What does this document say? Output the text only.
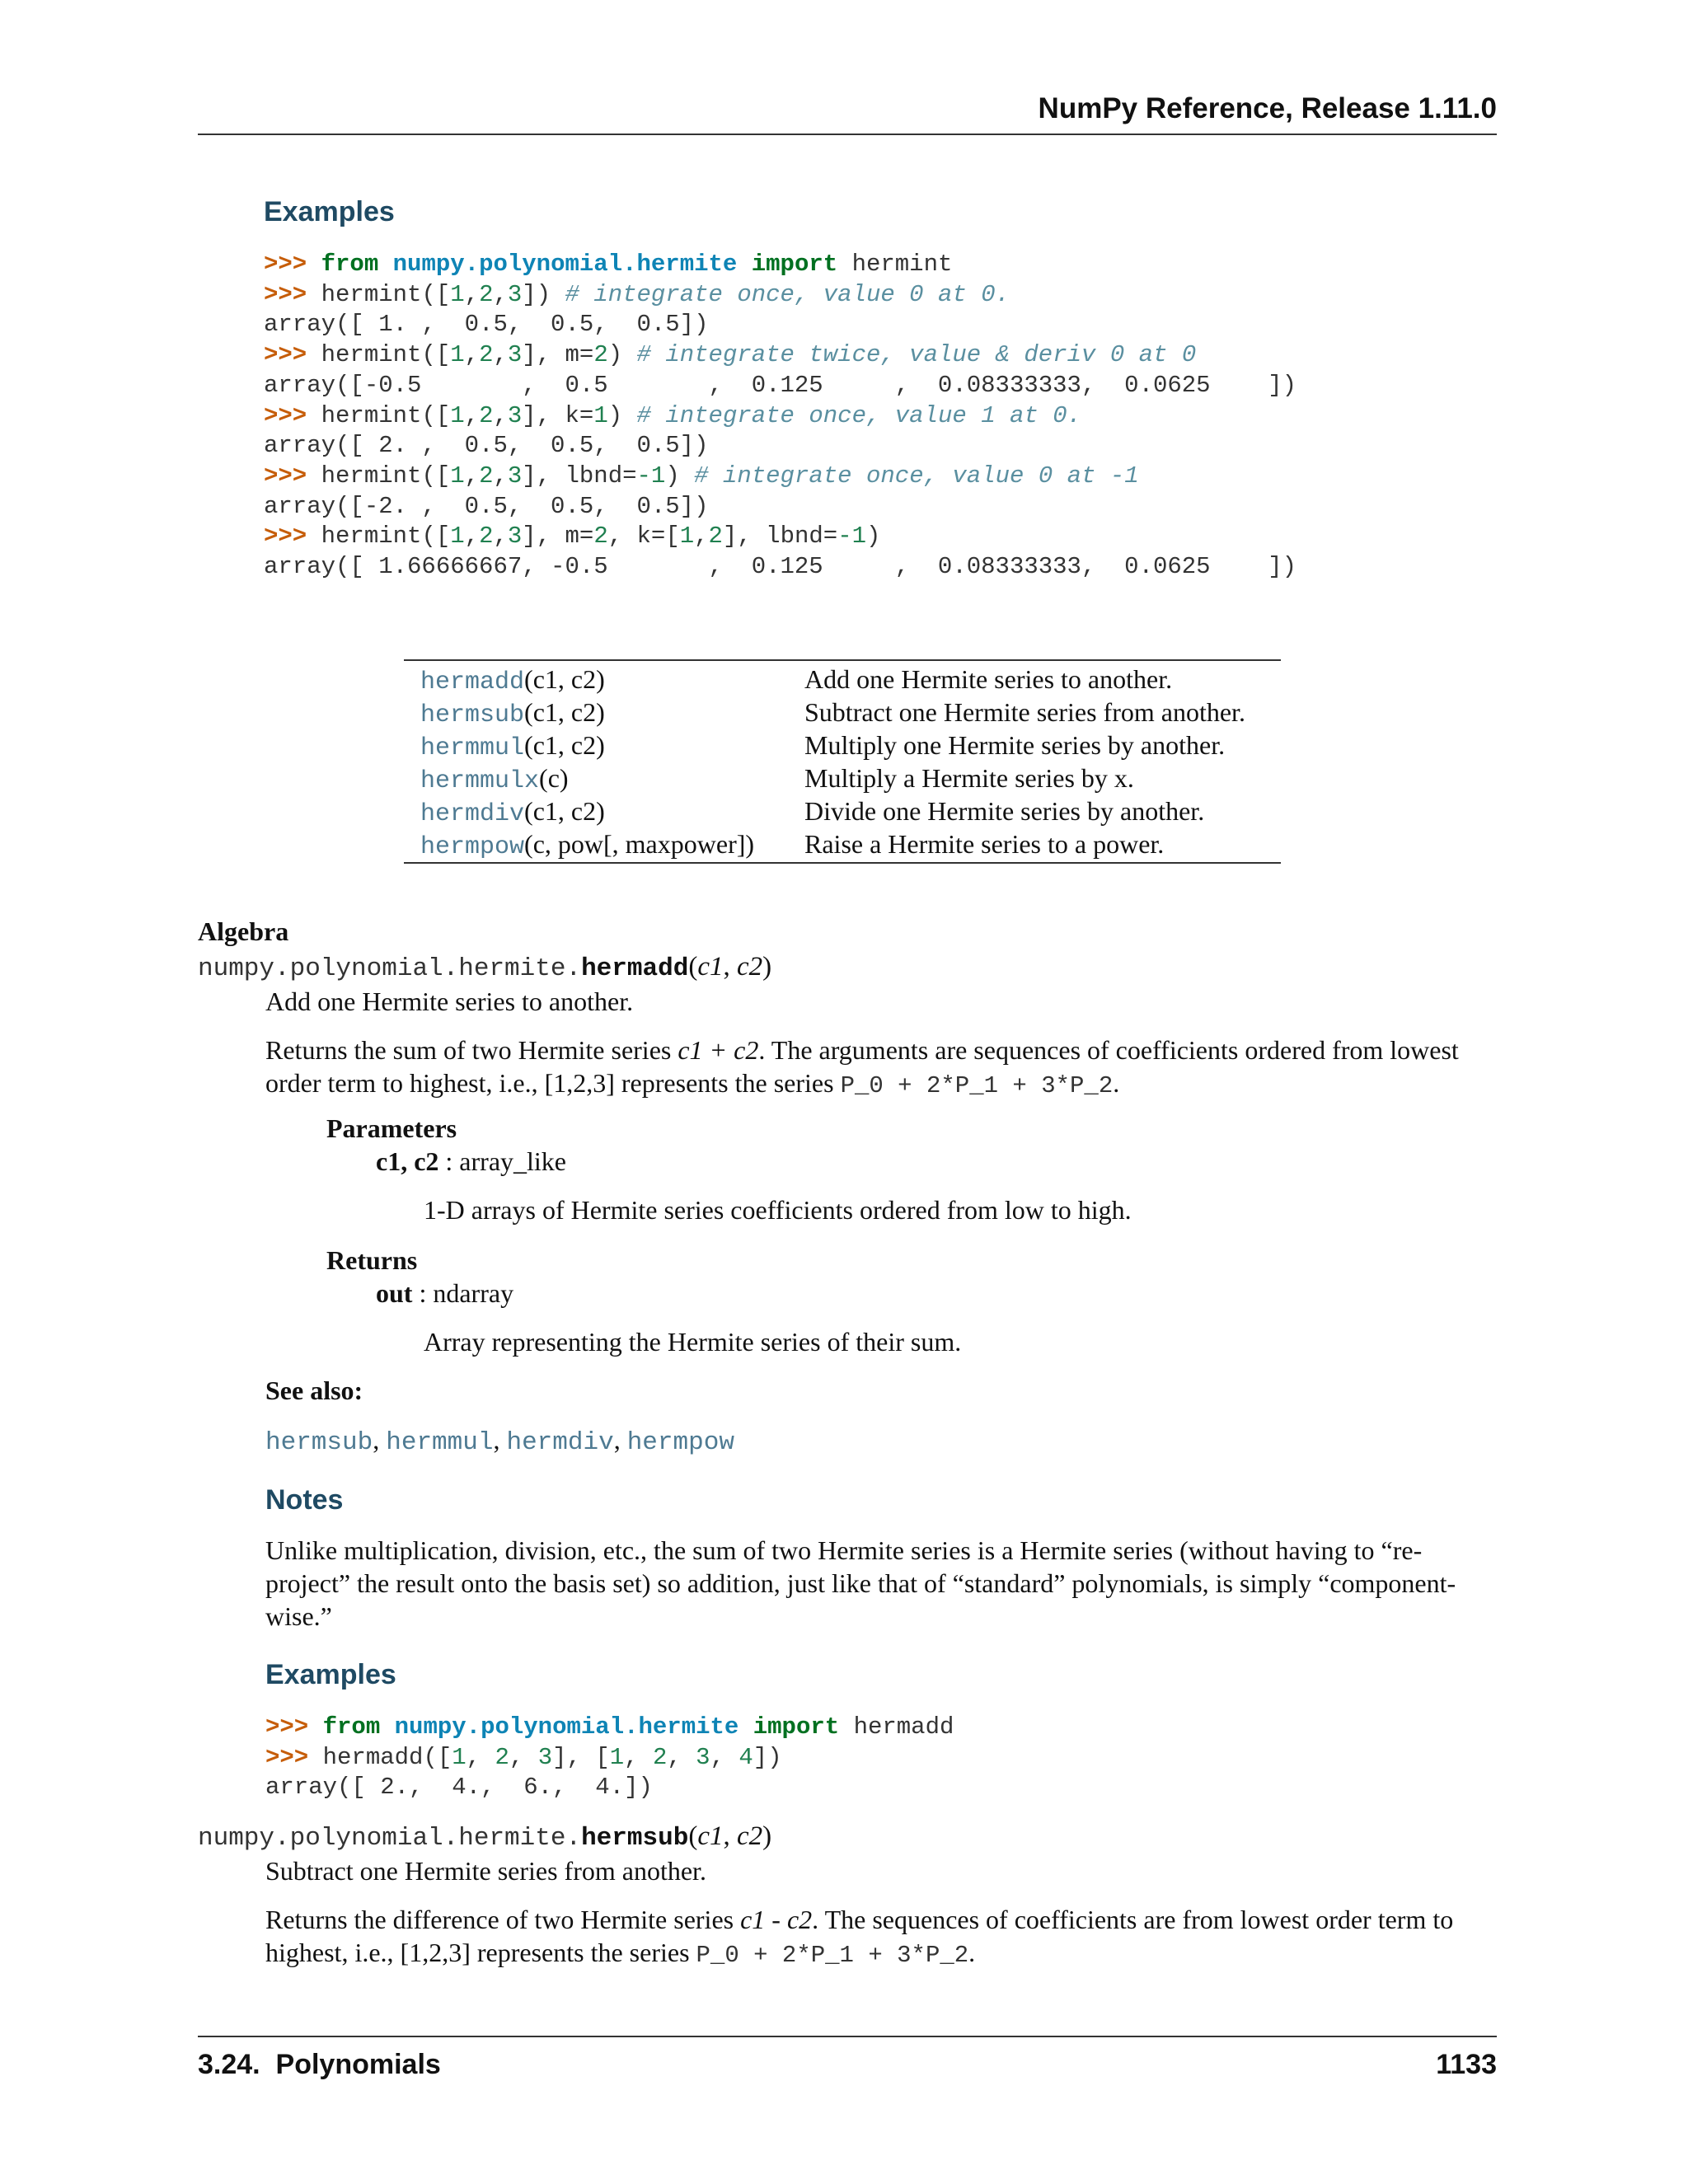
NumPy Reference, Release 1.11.0
Examples
>>> from numpy.polynomial.hermite import hermint
>>> hermint([1,2,3]) # integrate once, value 0 at 0.
array([ 1. ,  0.5,  0.5,  0.5])
>>> hermint([1,2,3], m=2) # integrate twice, value & deriv 0 at 0
array([-0.5       ,  0.5       ,  0.125     ,  0.08333333,  0.0625    ])
>>> hermint([1,2,3], k=1) # integrate once, value 1 at 0.
array([ 2. ,  0.5,  0.5,  0.5])
>>> hermint([1,2,3], lbnd=-1) # integrate once, value 0 at -1
array([-2. ,  0.5,  0.5,  0.5])
>>> hermint([1,2,3], m=2, k=[1,2], lbnd=-1)
array([ 1.66666667, -0.5       ,  0.125     ,  0.08333333,  0.0625    ])
hermadd(c1, c2)	Add one Hermite series to another.
hermsub(c1, c2)	Subtract one Hermite series from another.
hermmul(c1, c2)	Multiply one Hermite series by another.
hermmulx(c)	Multiply a Hermite series by x.
hermdiv(c1, c2)	Divide one Hermite series by another.
hermpow(c, pow[, maxpower]) Raise a Hermite series to a power.
Algebra
numpy.polynomial.hermite.hermadd(c1, c2)
Add one Hermite series to another.
Returns the sum of two Hermite series c1 + c2. The arguments are sequences of coefficients ordered from lowest order term to highest, i.e., [1,2,3] represents the series P_0 + 2*P_1 + 3*P_2.
Parameters
c1, c2 : array_like
1-D arrays of Hermite series coefficients ordered from low to high.
Returns
out : ndarray
Array representing the Hermite series of their sum.
See also:
hermsub, hermmul, hermdiv, hermpow
Notes
Unlike multiplication, division, etc., the sum of two Hermite series is a Hermite series (without having to “re-project” the result onto the basis set) so addition, just like that of “standard” polynomials, is simply “component-wise.”
Examples
>>> from numpy.polynomial.hermite import hermadd
>>> hermadd([1, 2, 3], [1, 2, 3, 4])
array([ 2.,  4.,  6.,  4.])
numpy.polynomial.hermite.hermsub(c1, c2)
Subtract one Hermite series from another.
Returns the difference of two Hermite series c1 - c2. The sequences of coefficients are from lowest order term to highest, i.e., [1,2,3] represents the series P_0 + 2*P_1 + 3*P_2.
3.24.  Polynomials	1133
